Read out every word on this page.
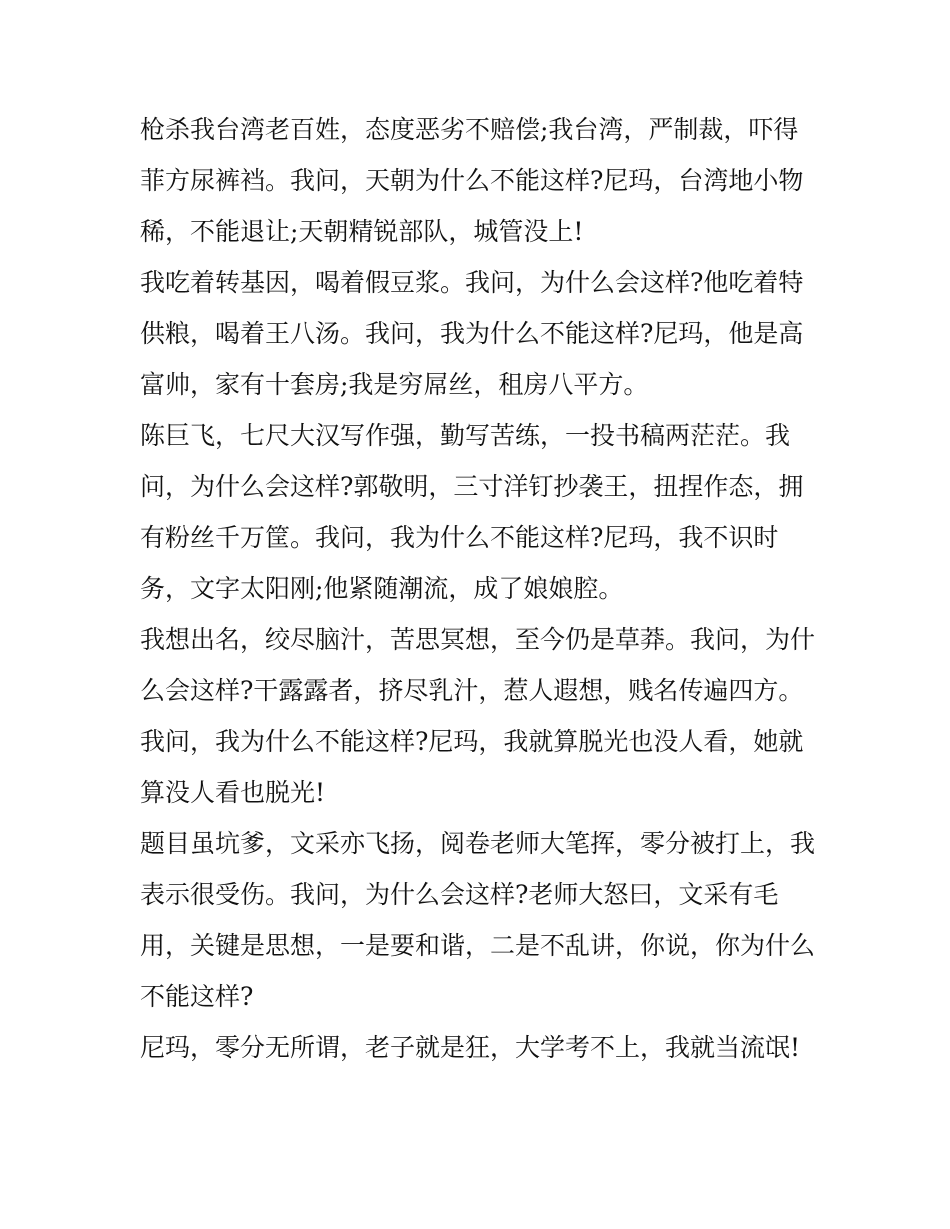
枪杀我台湾老百姓，态度恶劣不赔偿;我台湾，严制裁，吓得
菲方尿裤裆。我问，天朝为什么不能这样?尼玛，台湾地小物
稀，不能退让;天朝精锐部队，城管没上!
我吃着转基因，喝着假豆浆。我问，为什么会这样?他吃着特
供粮，喝着王八汤。我问，我为什么不能这样?尼玛，他是高
富帅，家有十套房;我是穷屌丝，租房八平方。
陈巨飞，七尺大汉写作强，勤写苦练，一投书稿两茫茫。我
问，为什么会这样?郭敬明，三寸洋钉抄袭王，扭捏作态，拥
有粉丝千万筐。我问，我为什么不能这样?尼玛，我不识时
务，文字太阳刚;他紧随潮流，成了娘娘腔。
我想出名，绞尽脑汁，苦思冥想，至今仍是草莽。我问，为什
么会这样?干露露者，挤尽乳汁，惹人遐想，贱名传遍四方。
我问，我为什么不能这样?尼玛，我就算脱光也没人看，她就
算没人看也脱光!
题目虽坑爹，文采亦飞扬，阅卷老师大笔挥，零分被打上，我
表示很受伤。我问，为什么会这样?老师大怒曰，文采有毛
用，关键是思想，一是要和谐，二是不乱讲，你说，你为什么
不能这样?
尼玛，零分无所谓，老子就是狂，大学考不上，我就当流氓!
